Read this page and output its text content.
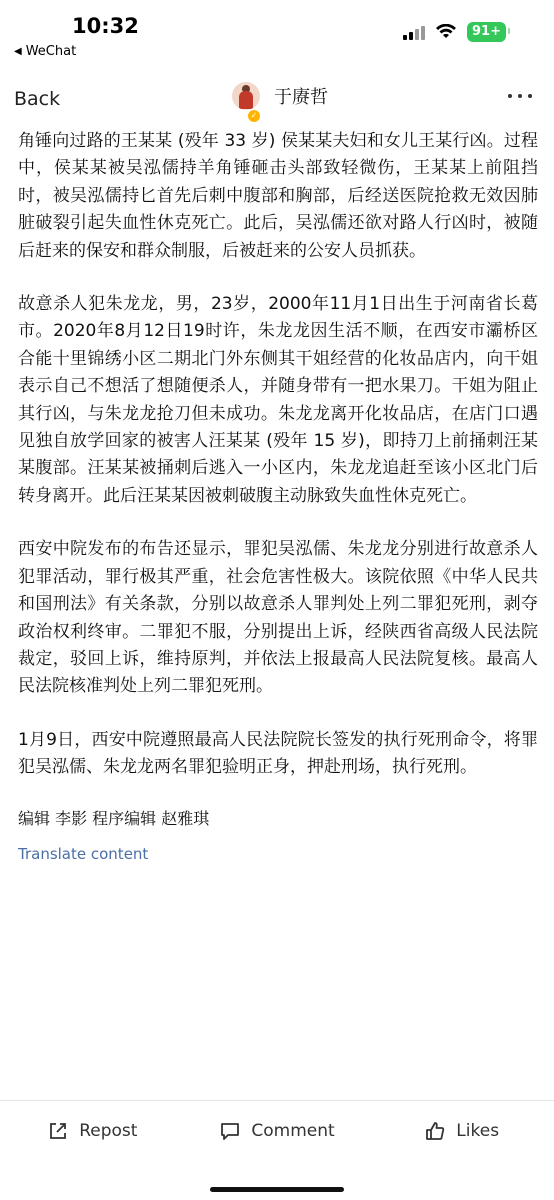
10:32	91+
◀ WeChat
Back	于赓哲
✓

角锤向过路的王某某 (殁年 33 岁) 侯某某夫妇和女儿王某行凶。过程中，侯某某被吴泓儒持羊角锤砸击头部致轻微伤，王某某上前阻挡时，被吴泓儒持匕首先后刺中腹部和胸部，后经送医院抢救无效因肺脏破裂引起失血性休克死亡。此后，吴泓儒还欲对路人行凶时，被随后赶来的保安和群众制服，后被赶来的公安人员抓获。

故意杀人犯朱龙龙，男，23岁，2000年11月1日出生于河南省长葛市。2020年8月12日19时许，朱龙龙因生活不顺，在西安市灞桥区合能十里锦绣小区二期北门外东侧其干姐经营的化妆品店内，向干姐表示自己不想活了想随便杀人，并随身带有一把水果刀。干姐为阻止其行凶，与朱龙龙抢刀但未成功。朱龙龙离开化妆品店，在店门口遇见独自放学回家的被害人汪某某 (殁年 15 岁)，即持刀上前捅刺汪某某腹部。汪某某被捅刺后逃入一小区内，朱龙龙追赶至该小区北门后转身离开。此后汪某某因被刺破腹主动脉致失血性休克死亡。

西安中院发布的布告还显示，罪犯吴泓儒、朱龙龙分别进行故意杀人犯罪活动，罪行极其严重，社会危害性极大。该院依照《中华人民共和国刑法》有关条款，分别以故意杀人罪判处上列二罪犯死刑，剥夺政治权利终审。二罪犯不服，分别提出上诉，经陕西省高级人民法院裁定，驳回上诉，维持原判，并依法上报最高人民法院复核。最高人民法院核准判处上列二罪犯死刑。

1月9日，西安中院遵照最高人民法院院长签发的执行死刑命令，将罪犯吴泓儒、朱龙龙两名罪犯验明正身，押赴刑场，执行死刑。

编辑 李影 程序编辑 赵雅琪
Translate content
Repost	Comment	Likes
